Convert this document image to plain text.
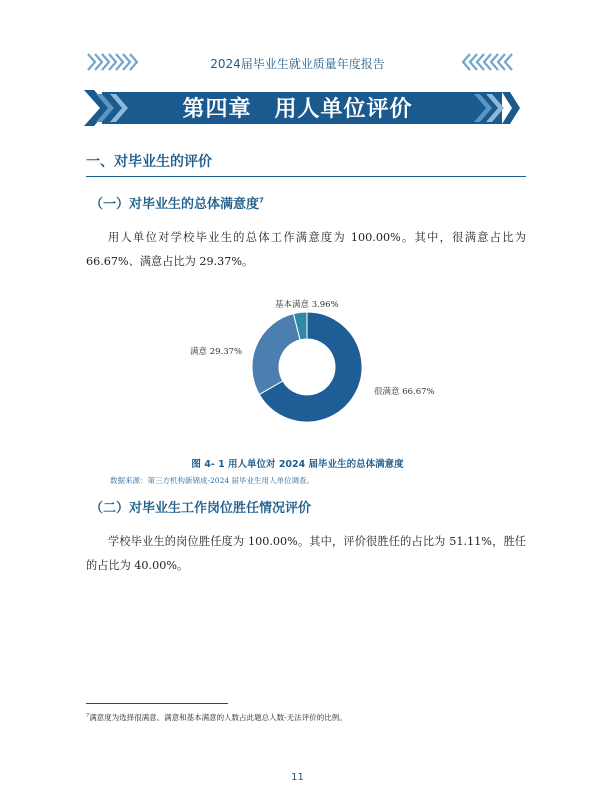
2024届毕业生就业质量年度报告
第四章　用人单位评价
一、对毕业生的评价
（一）对毕业生的总体满意度$^7$
用人单位对学校毕业生的总体工作满意度为 100.00%。其中，很满意占比为 66.67%、满意占比为 29.37%。
很满意 66.67%
满意 29.37%
基本满意 3.96%
图 4- 1 用人单位对 2024 届毕业生的总体满意度
数据来源：第三方机构新锦成-2024 届毕业生用人单位调查。
（二）对毕业生工作岗位胜任情况评价
学校毕业生的岗位胜任度为 100.00%。其中，评价很胜任的占比为 51.11%，胜任的占比为 40.00%。
$^7$满意度为选择很满意、满意和基本满意的人数占此题总人数-无法评价的比例。
11
